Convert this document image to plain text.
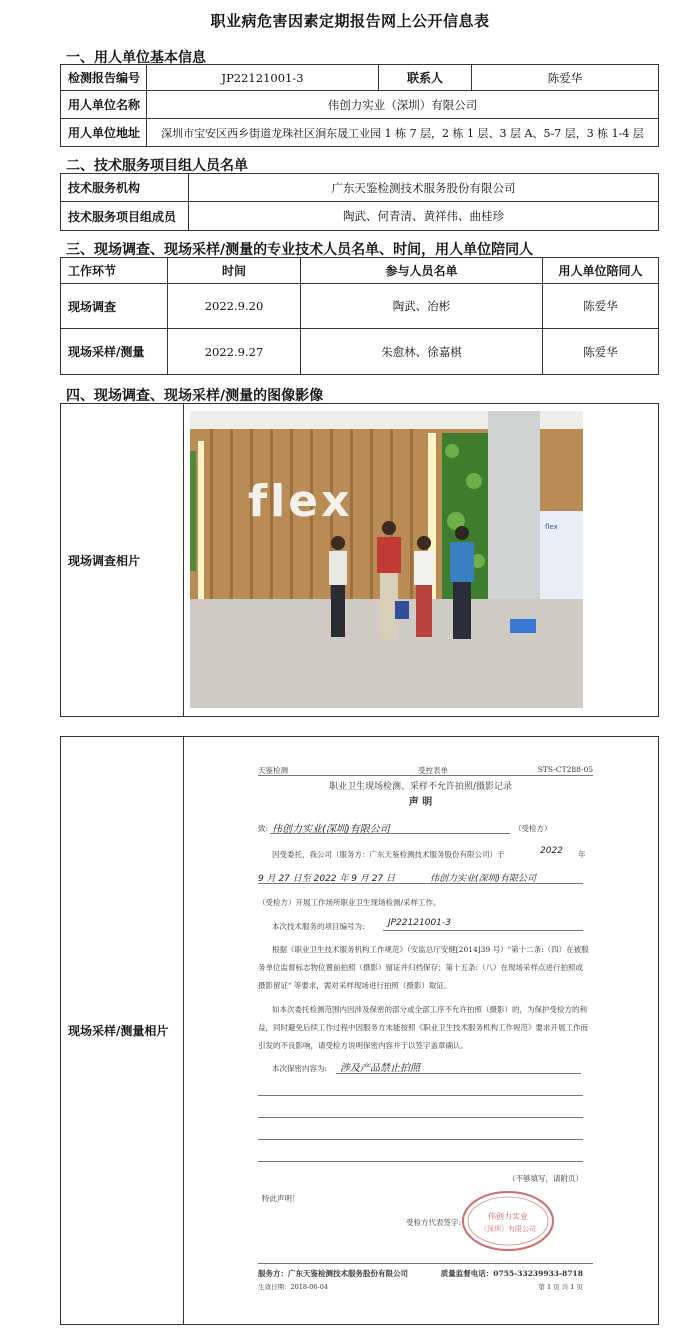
职业病危害因素定期报告网上公开信息表
一、用人单位基本信息
检测报告编号	JP22121001-3	联系人	陈爱华
用人单位名称	伟创力实业（深圳）有限公司		
用人单位地址	深圳市宝安区西乡街道龙珠社区涧东晟工业园 1 栋 7 层，2 栋 1 层、3 层 A、5-7 层，3 栋 1-4 层		
二、技术服务项目组人员名单
技术服务机构	广东天鉴检测技术服务股份有限公司
技术服务项目组成员	陶武、何青清、黄祥伟、曲桂珍
三、现场调查、现场采样/测量的专业技术人员名单、时间，用人单位陪同人
工作环节	时间	参与人员名单	用人单位陪同人
现场调查	2022.9.20	陶武、冶彬	陈爱华
现场采样/测量	2022.9.27	朱愈林、徐嘉棋	陈爱华
四、现场调查、现场采样/测量的图像影像
现场调查相片	
现场采样/测量相片	
flex
flex
天鉴检测	受控表单	STS-CT288-05
职业卫生现场检测、采样不允许拍照/摄影记录
声 明
致: 伟创力实业(深圳)有限公司	（受检方）
因受委托，我公司（服务方：广东天鉴检测技术服务股份有限公司）于	2022 年
9 月 27 日至 2022 年 9 月 27 日	伟创力实业(深圳)有限公司
（受检方）开展工作场所职业卫生现场检测/采样工作。
本次技术服务的项目编号为:	JP22121001-3
根据《职业卫生技术服务机构工作规范》（安监总厅安健[2014]39 号）"第十二条:（四）在被服务单位监督标志物位置前拍照（摄影）留证并归档保存；第十五条:（八）在现场采样点进行拍照或摄影留证" 等要求，需对采样现场进行拍照（摄影）取证。
如本次委托检测范围内因涉及保密的部分或全部工序不允许拍照（摄影）的，为保护受检方的利益，同时避免后续工作过程中因服务方未能按照《职业卫生技术服务机构工作规范》要求开展工作而引发的不良影响，请受检方说明保密内容并于以签字盖章确认。
本次保密内容为: 涉及产品禁止拍照
（不够填写，请附页）
特此声明！
受检方代表签字:
伟创力实业
（深圳）有限公司
服务方：广东天鉴检测技术服务股份有限公司	质量监督电话：0755-33239933-8718
生效日期：2018-06-04	第 1 页 共 1 页
